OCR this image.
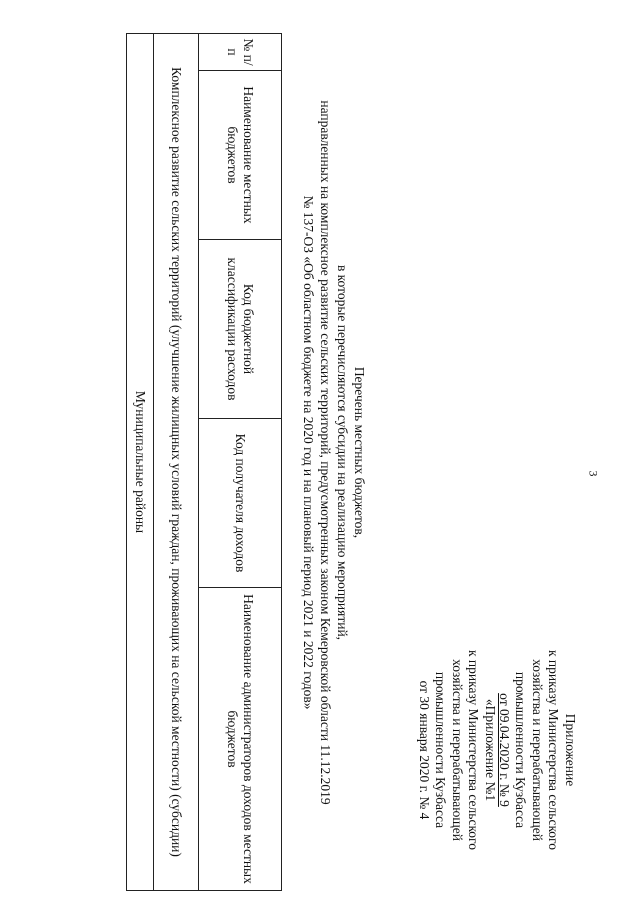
3
Приложение
к приказу Министерства сельского
хозяйства и перерабатывающей
промышленности Кузбасса
от 09.04.2020 г. № 9
«Приложение №1
к приказу Министерства сельского
хозяйства и перерабатывающей
промышленности Кузбасса
от 30 января 2020 г. № 4
Перечень местных бюджетов,
в которые перечисляются субсидии на реализацию мероприятий,
направленных на комплексное развитие сельских территорий, предусмотренных законом Кемеровской области 11.12.2019
№ 137-ОЗ «Об областном бюджете на 2020 год и на плановый период 2021 и 2022 годов»
№ п/п	Наименование местных бюджетов	Код бюджетной классификации расходов	Код получателя доходов	Наименование администраторов доходов местных бюджетов
Комплексное развитие сельских территорий (улучшение жилищных условий граждан, проживающих на сельской местности) (субсидии)
Муниципальные районы
